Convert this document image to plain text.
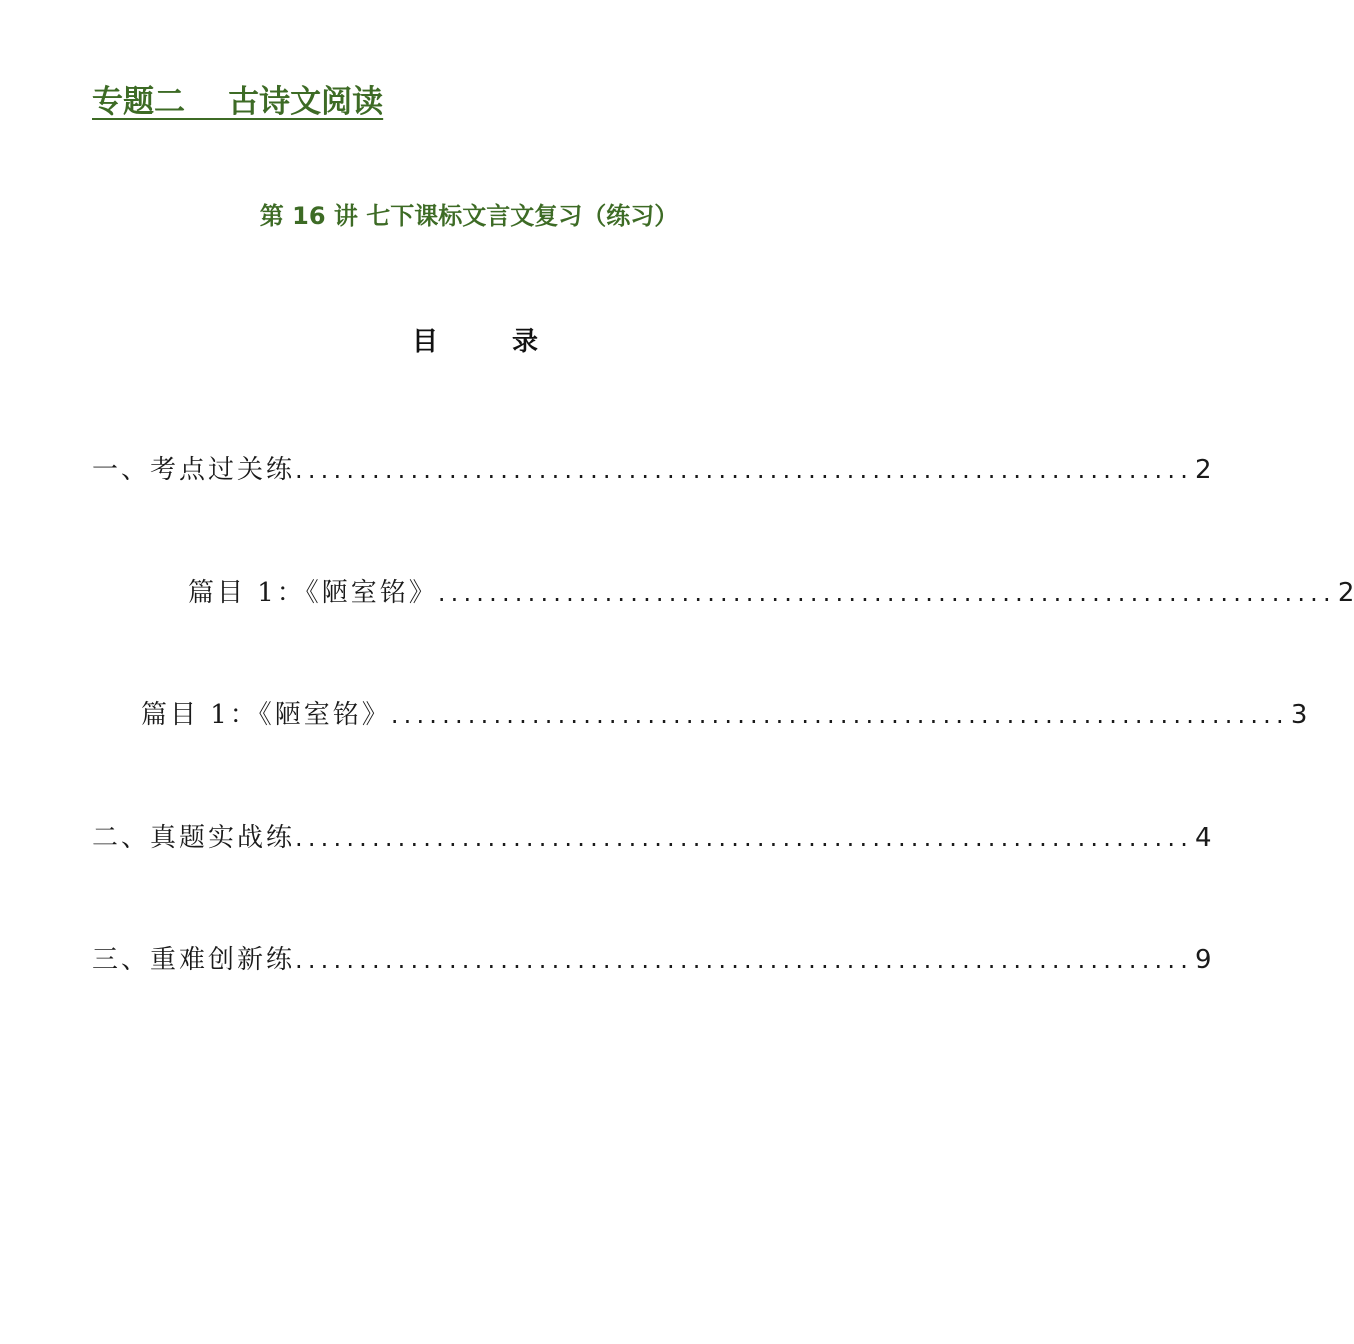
专题二    古诗文阅读
第 16 讲 七下课标文言文复习（练习）
目	录
一、考点过关练 ...................................................................... 2
篇目 1：《陋室铭》 ...................................................................... 2
篇目 1：《陋室铭》 ...................................................................... 3
二、真题实战练 ...................................................................... 4
三、重难创新练 ...................................................................... 9
